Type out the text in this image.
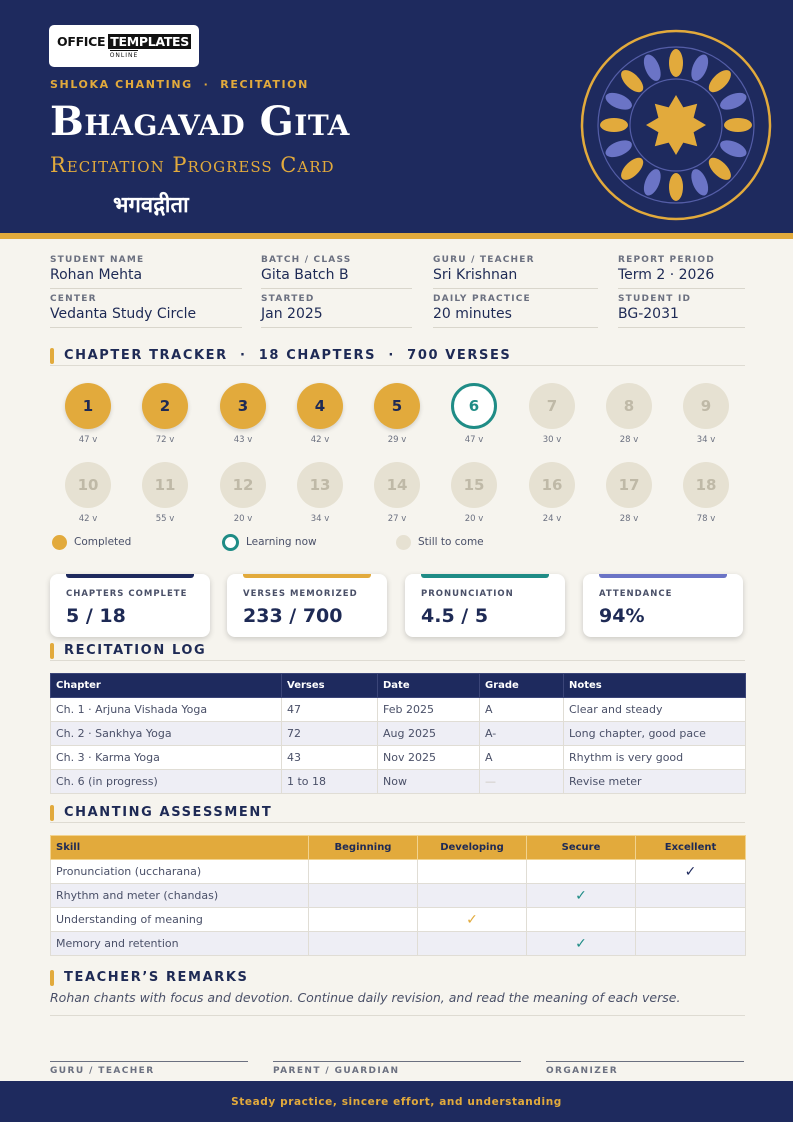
OFFICE TEMPLATES
ONLINE
SHLOKA CHANTING  ·  RECITATION
Bhagavad Gita
Recitation Progress Card
भगवद्गीता
CHAPTER TRACKER  ·  18 CHAPTERS  ·  700 VERSES
Completed	Learning now	Still to come
RECITATION LOG
Chapter	Verses	Date	Grade	Notes
Ch. 1 · Arjuna Vishada Yoga	47	Feb 2025	A	Clear and steady
Ch. 2 · Sankhya Yoga	72	Aug 2025	A-	Long chapter, good pace
Ch. 3 · Karma Yoga	43	Nov 2025	A	Rhythm is very good
Ch. 6 (in progress)	1 to 18	Now	—	Revise meter
CHANTING ASSESSMENT
Skill	Beginning	Developing	Secure	Excellent
Pronunciation (uccharana)				✓
Rhythm and meter (chandas)			✓	
Understanding of meaning		✓		
Memory and retention			✓	
TEACHER’S REMARKS
Rohan chants with focus and devotion. Continue daily revision, and read the meaning of each verse.
GURU / TEACHER	PARENT / GUARDIAN	ORGANIZER
Steady practice, sincere effort, and understanding
STUDENT NAME
Rohan Mehta
BATCH / CLASS
Gita Batch B
GURU / TEACHER
Sri Krishnan
REPORT PERIOD
Term 2 · 2026
CENTER
Vedanta Study Circle
STARTED
Jan 2025
DAILY PRACTICE
20 minutes
STUDENT ID
BG-2031
1
47 v
2
72 v
3
43 v
4
42 v
5
29 v
6
47 v
7
30 v
8
28 v
9
34 v
10
42 v
11
55 v
12
20 v
13
34 v
14
27 v
15
20 v
16
24 v
17
28 v
18
78 v
CHAPTERS COMPLETE
5 / 18
VERSES MEMORIZED
233 / 700
PRONUNCIATION
4.5 / 5
ATTENDANCE
94%
